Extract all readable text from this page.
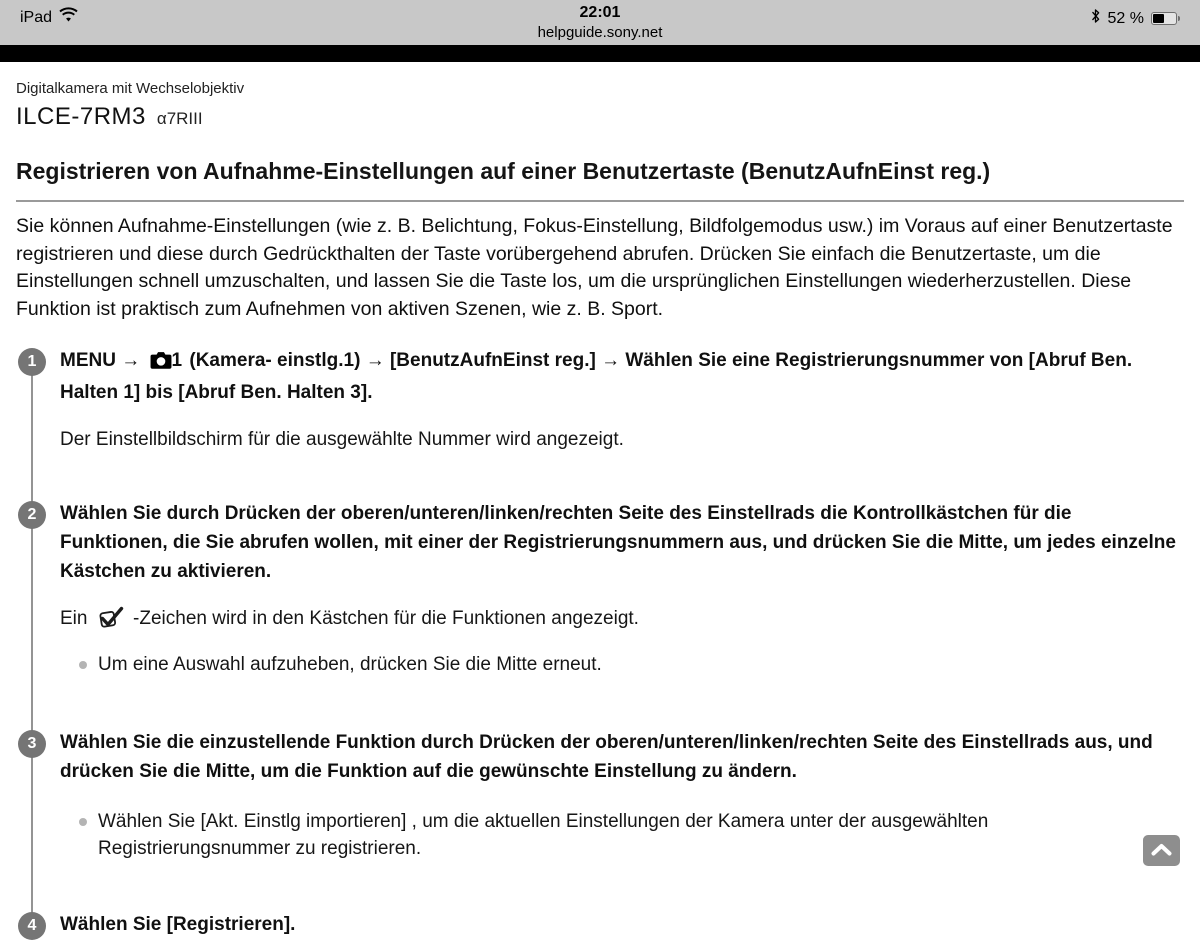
iPad	22:01
helpguide.sony.net
52 %
Digitalkamera mit Wechselobjektiv
ILCE-7RM3 α7RIII
Registrieren von Aufnahme-Einstellungen auf einer Benutzertaste (BenutzAufnEinst reg.)

Sie können Aufnahme-Einstellungen (wie z. B. Belichtung, Fokus-Einstellung, Bildfolgemodus usw.) im Voraus auf einer Benutzertaste registrieren und diese durch Gedrückthalten der Taste vorübergehend abrufen. Drücken Sie einfach die Benutzertaste, um die Einstellungen schnell umzuschalten, und lassen Sie die Taste los, um die ursprünglichen Einstellungen wiederherzustellen. Diese Funktion ist praktisch zum Aufnehmen von aktiven Szenen, wie z. B. Sport.

1	MENU → 1 (Kamera- einstlg.1) → [BenutzAufnEinst reg.] → Wählen Sie eine Registrierungsnummer von [Abruf Ben. Halten 1] bis [Abruf Ben. Halten 3].
Der Einstellbildschirm für die ausgewählte Nummer wird angezeigt.
2	Wählen Sie durch Drücken der oberen/unteren/linken/rechten Seite des Einstellrads die Kontrollkästchen für die Funktionen, die Sie abrufen wollen, mit einer der Registrierungsnummern aus, und drücken Sie die Mitte, um jedes einzelne Kästchen zu aktivieren.
Ein -Zeichen wird in den Kästchen für die Funktionen angezeigt.
Um eine Auswahl aufzuheben, drücken Sie die Mitte erneut.
3	Wählen Sie die einzustellende Funktion durch Drücken der oberen/unteren/linken/rechten Seite des Einstellrads aus, und drücken Sie die Mitte, um die Funktion auf die gewünschte Einstellung zu ändern.
Wählen Sie [Akt. Einstlg importieren] , um die aktuellen Einstellungen der Kamera unter der ausgewählten Registrierungsnummer zu registrieren.
4	Wählen Sie [Registrieren].
